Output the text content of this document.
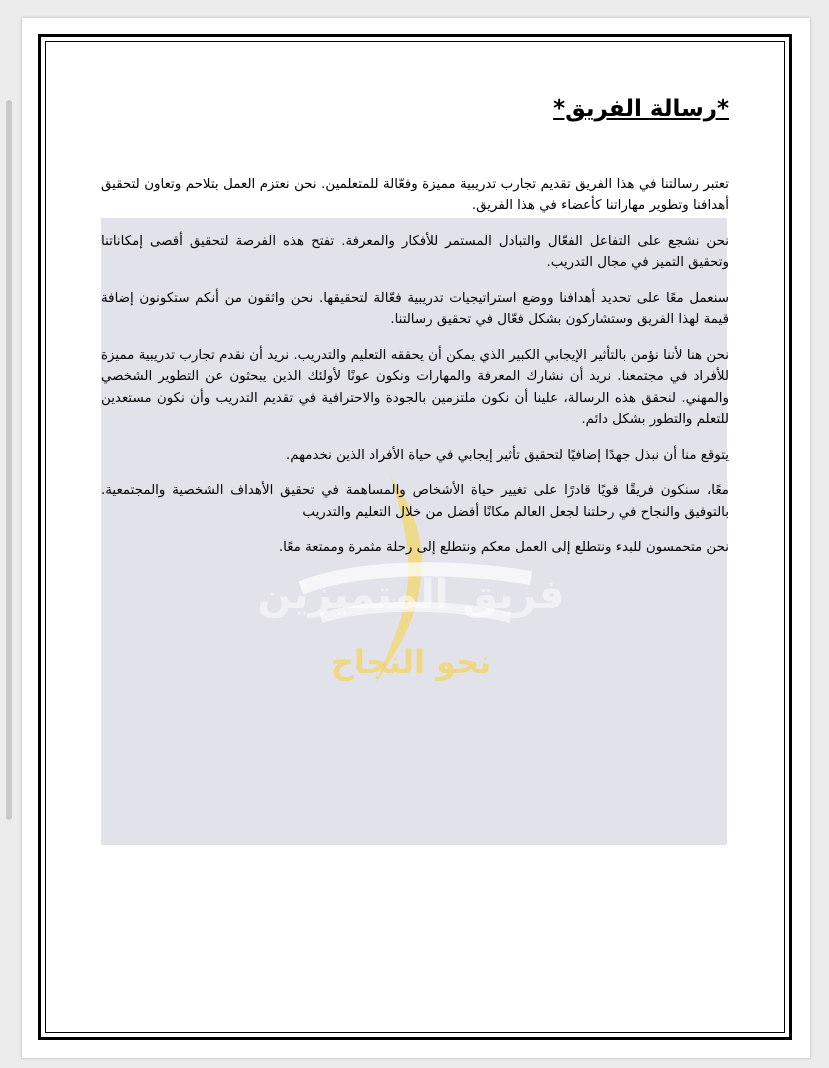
فريق المتميزين
نحو النجاح
*رسالة الفريق*

تعتبر رسالتنا في هذا الفريق تقديم تجارب تدريبية مميزة وفعّالة للمتعلمين. نحن نعتزم العمل بتلاحم وتعاون لتحقيق أهدافنا وتطوير مهاراتنا كأعضاء في هذا الفريق.

نحن نشجع على التفاعل الفعّال والتبادل المستمر للأفكار والمعرفة. تفتح هذه الفرصة لتحقيق أقصى إمكاناتنا وتحقيق التميز في مجال التدريب.

سنعمل معًا على تحديد أهدافنا ووضع استراتيجيات تدريبية فعّالة لتحقيقها. نحن واثقون من أنكم ستكونون إضافة قيمة لهذا الفريق وستشاركون بشكل فعّال في تحقيق رسالتنا.

نحن هنا لأننا نؤمن بالتأثير الإيجابي الكبير الذي يمكن أن يحققه التعليم والتدريب. نريد أن نقدم تجارب تدريبية مميزة للأفراد في مجتمعنا. نريد أن نشارك المعرفة والمهارات ونكون عونًا لأولئك الذين يبحثون عن التطوير الشخصي والمهني. لنحقق هذه الرسالة، علينا أن نكون ملتزمين بالجودة والاحترافية في تقديم التدريب وأن نكون مستعدين للتعلم والتطور بشكل دائم.

يتوقع منا أن نبذل جهدًا إضافيًا لتحقيق تأثير إيجابي في حياة الأفراد الذين نخدمهم.

معًا، سنكون فريقًا قويًا قادرًا على تغيير حياة الأشخاص والمساهمة في تحقيق الأهداف الشخصية والمجتمعية. بالتوفيق والنجاح في رحلتنا لجعل العالم مكانًا أفضل من خلال التعليم والتدريب

نحن متحمسون للبدء ونتطلع إلى العمل معكم ونتطلع إلى رحلة مثمرة وممتعة معًا.
